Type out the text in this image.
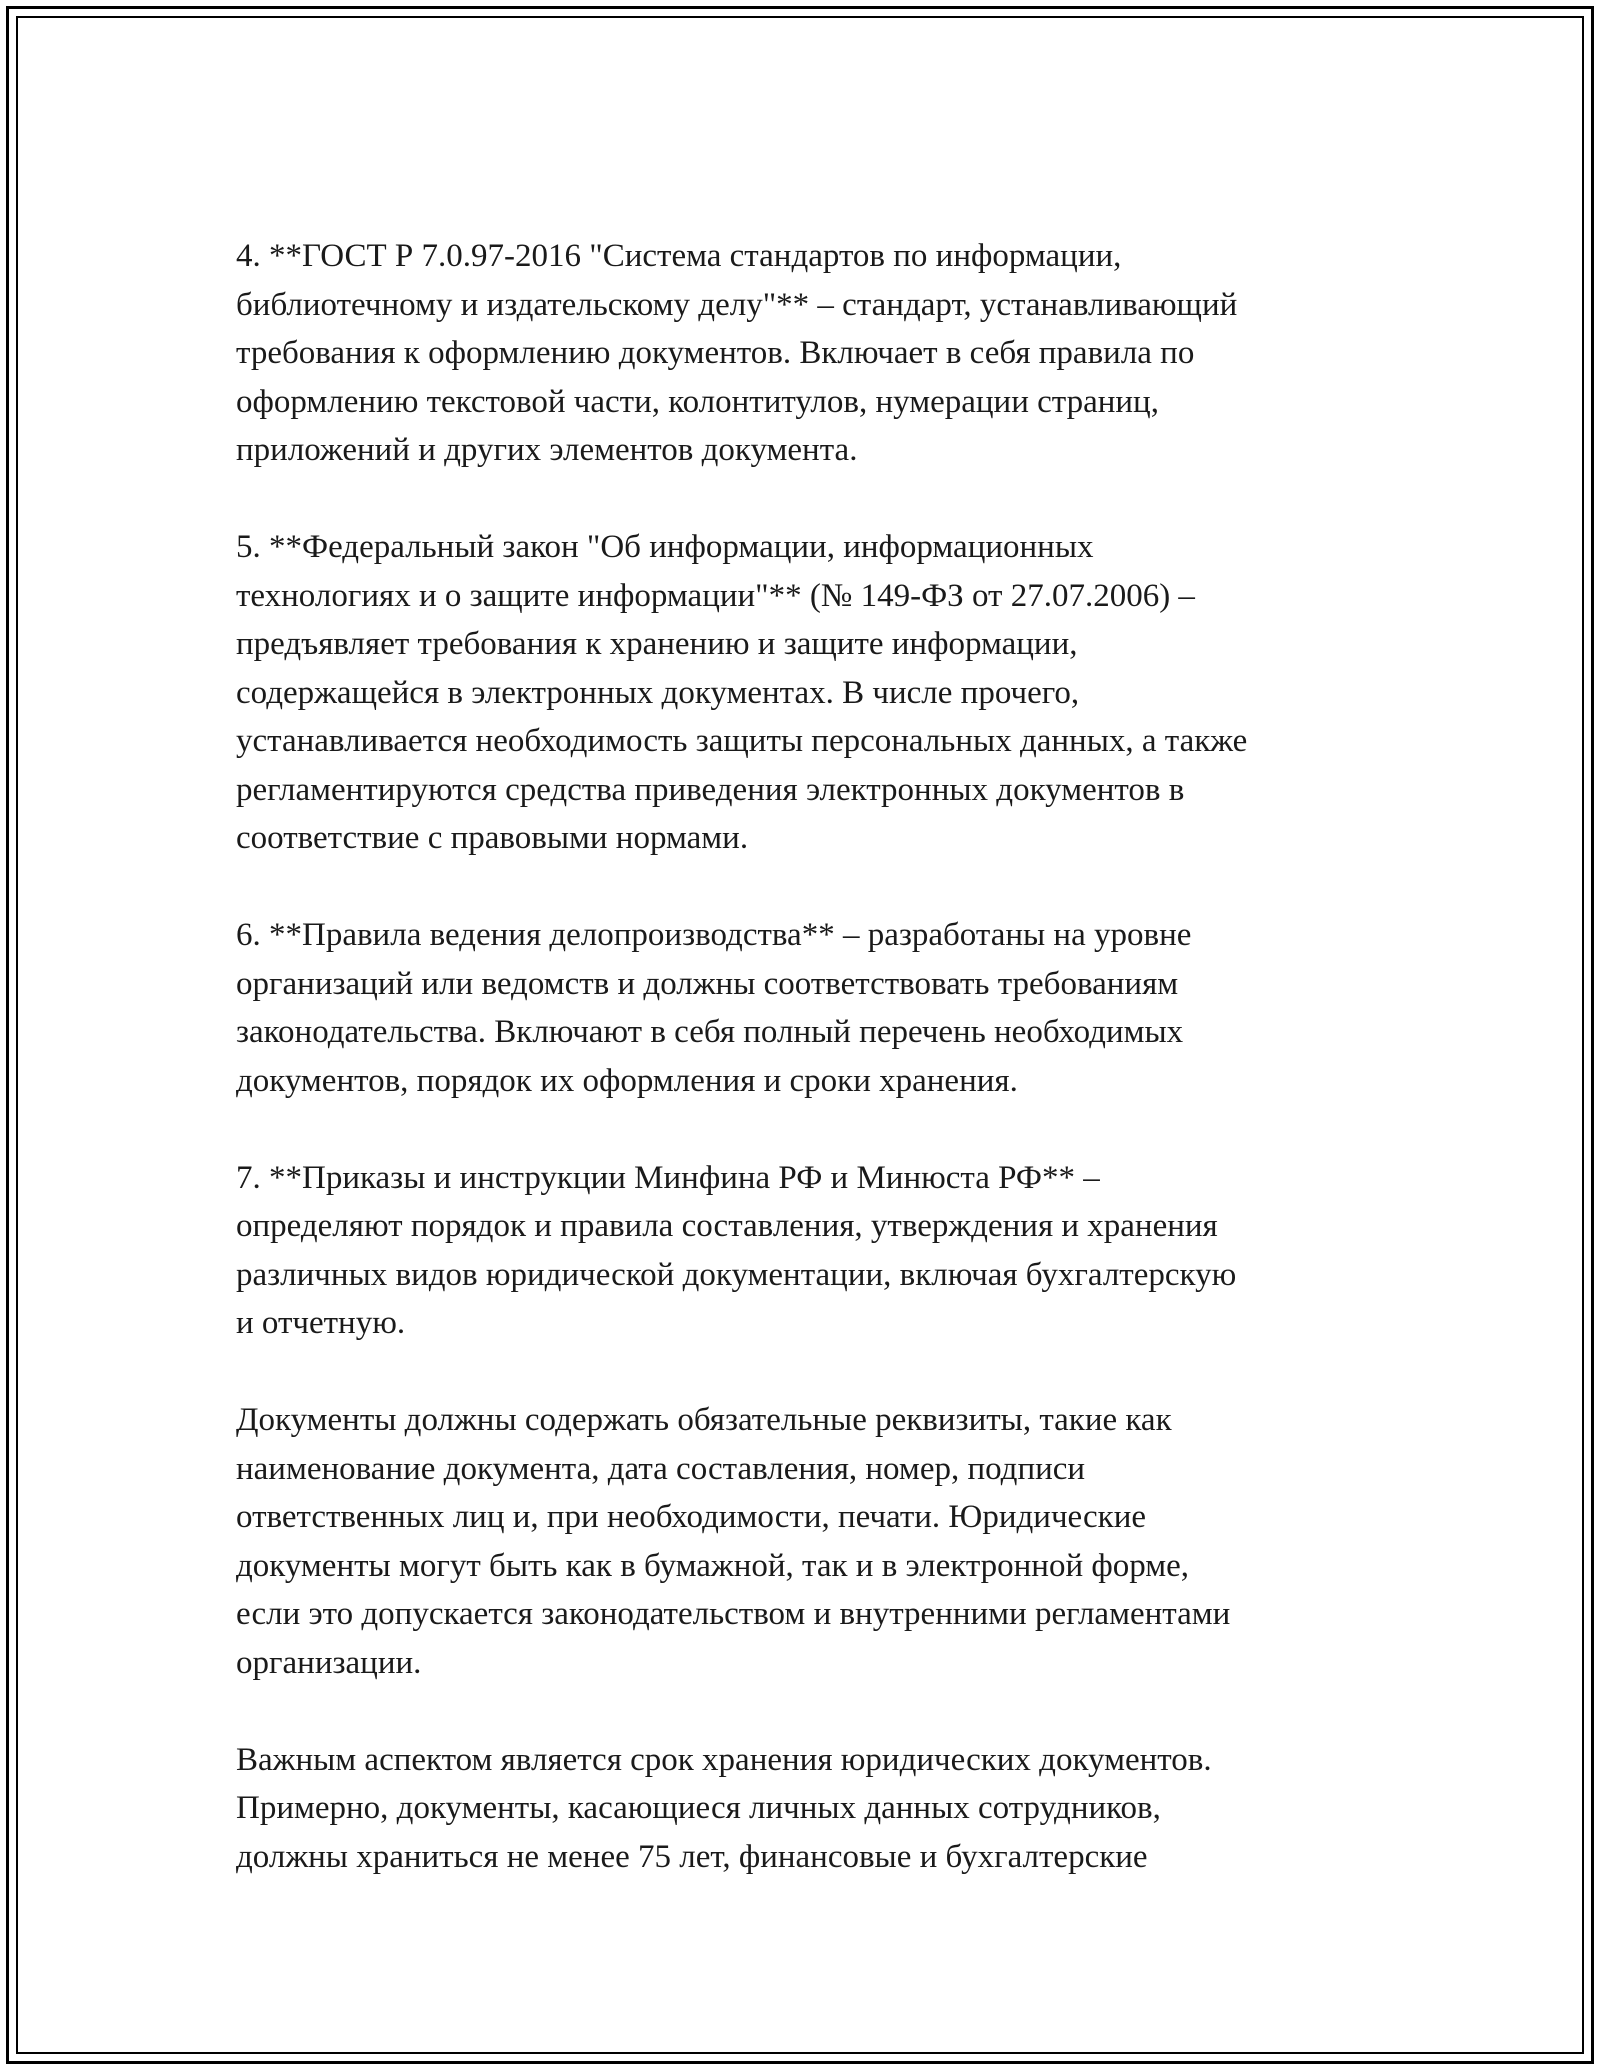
4. **ГОСТ Р 7.0.97-2016 "Система стандартов по информации,
библиотечному и издательскому делу"** – стандарт, устанавливающий
требования к оформлению документов. Включает в себя правила по
оформлению текстовой части, колонтитулов, нумерации страниц,
приложений и других элементов документа.

5. **Федеральный закон "Об информации, информационных
технологиях и о защите информации"** (№ 149-ФЗ от 27.07.2006) –
предъявляет требования к хранению и защите информации,
содержащейся в электронных документах. В числе прочего,
устанавливается необходимость защиты персональных данных, а также
регламентируются средства приведения электронных документов в
соответствие с правовыми нормами.

6. **Правила ведения делопроизводства** – разработаны на уровне
организаций или ведомств и должны соответствовать требованиям
законодательства. Включают в себя полный перечень необходимых
документов, порядок их оформления и сроки хранения.

7. **Приказы и инструкции Минфина РФ и Минюста РФ** –
определяют порядок и правила составления, утверждения и хранения
различных видов юридической документации, включая бухгалтерскую
и отчетную.

Документы должны содержать обязательные реквизиты, такие как
наименование документа, дата составления, номер, подписи
ответственных лиц и, при необходимости, печати. Юридические
документы могут быть как в бумажной, так и в электронной форме,
если это допускается законодательством и внутренними регламентами
организации.

Важным аспектом является срок хранения юридических документов.
Примерно, документы, касающиеся личных данных сотрудников,
должны храниться не менее 75 лет, финансовые и бухгалтерские
